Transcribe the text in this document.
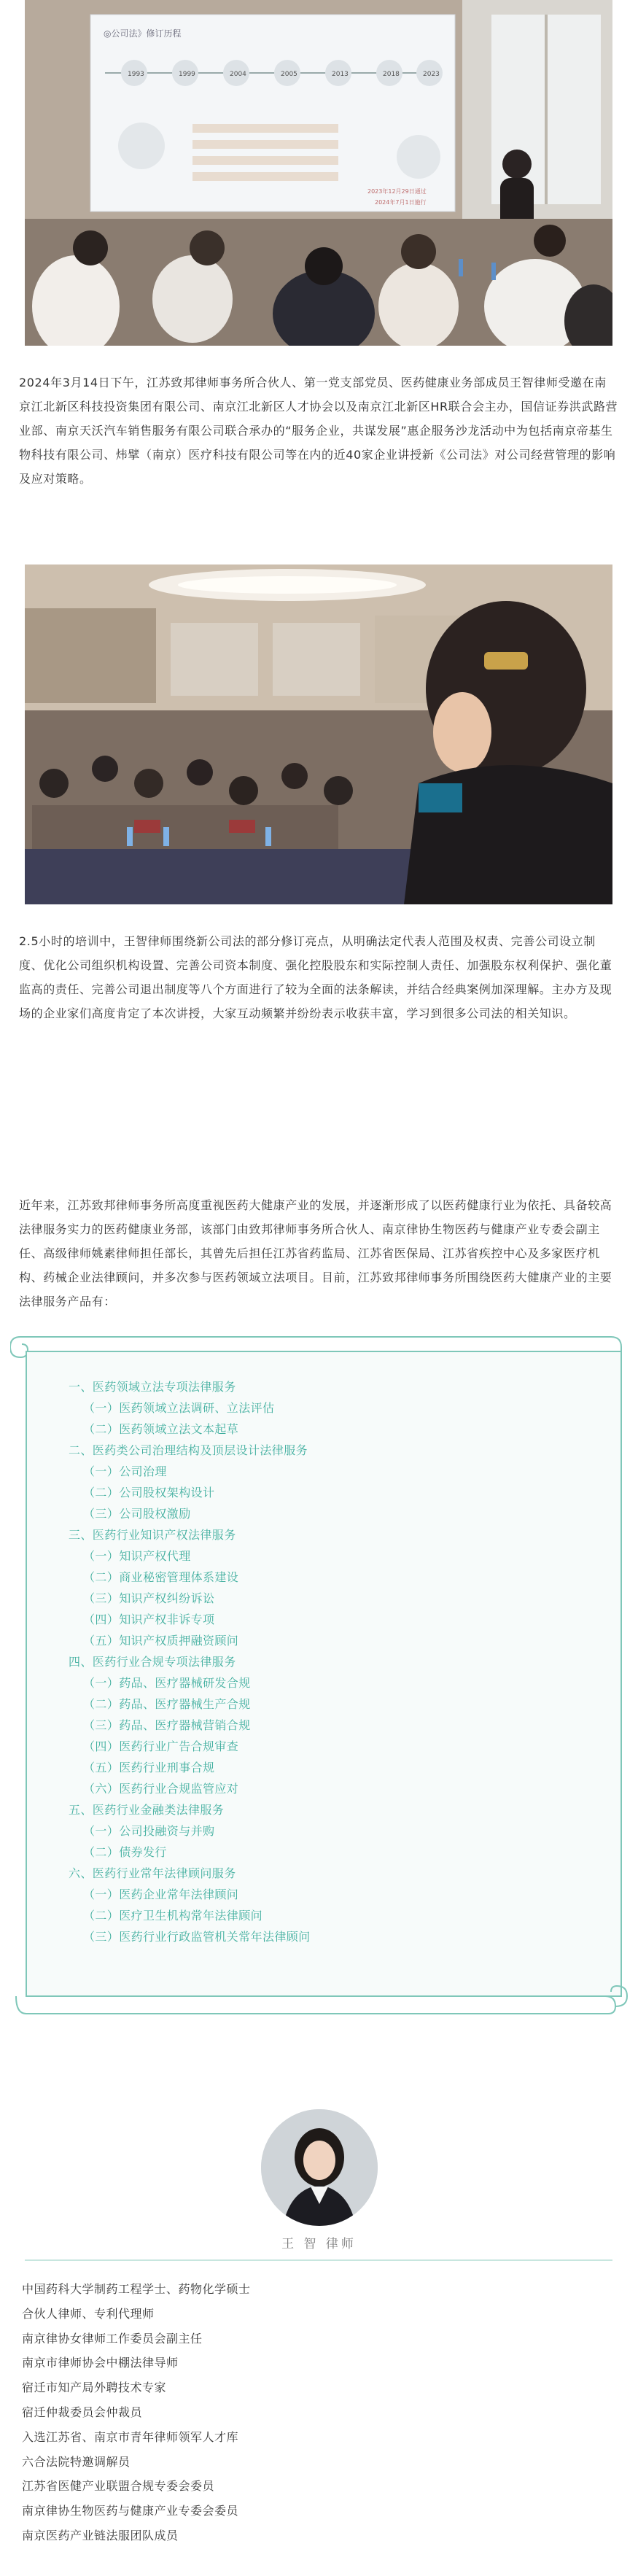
◎公司法》修订历程
1993	1999	2004	2005	2013	2018	2023
2023年12月29日通过
2024年7月1日施行

2024年3月14日下午，江苏致邦律师事务所合伙人、第一党支部党员、医药健康业务部成员王智律师受邀在南京江北新区科技投资集团有限公司、南京江北新区人才协会以及南京江北新区HR联合会主办，国信证券洪武路营业部、南京天沃汽车销售服务有限公司联合承办的“服务企业，共谋发展”惠企服务沙龙活动中为包括南京帝基生物科技有限公司、炜擘（南京）医疗科技有限公司等在内的近40家企业讲授新《公司法》对公司经营管理的影响及应对策略。

2.5小时的培训中，王智律师围绕新公司法的部分修订亮点，从明确法定代表人范围及权责、完善公司设立制度、优化公司组织机构设置、完善公司资本制度、强化控股股东和实际控制人责任、加强股东权利保护、强化董监高的责任、完善公司退出制度等八个方面进行了较为全面的法条解读，并结合经典案例加深理解。主办方及现场的企业家们高度肯定了本次讲授，大家互动频繁并纷纷表示收获丰富，学习到很多公司法的相关知识。

近年来，江苏致邦律师事务所高度重视医药大健康产业的发展，并逐渐形成了以医药健康行业为依托、具备较高法律服务实力的医药健康业务部，该部门由致邦律师事务所合伙人、南京律协生物医药与健康产业专委会副主任、高级律师姚素律师担任部长，其曾先后担任江苏省药监局、江苏省医保局、江苏省疾控中心及多家医疗机构、药械企业法律顾问，并多次参与医药领域立法项目。目前，江苏致邦律师事务所围绕医药大健康产业的主要法律服务产品有：

一、医药领域立法专项法律服务
（一）医药领域立法调研、立法评估
（二）医药领域立法文本起草
二、医药类公司治理结构及顶层设计法律服务
（一）公司治理
（二）公司股权架构设计
（三）公司股权激励
三、医药行业知识产权法律服务
（一）知识产权代理
（二）商业秘密管理体系建设
（三）知识产权纠纷诉讼
（四）知识产权非诉专项
（五）知识产权质押融资顾问
四、医药行业合规专项法律服务
（一）药品、医疗器械研发合规
（二）药品、医疗器械生产合规
（三）药品、医疗器械营销合规
（四）医药行业广告合规审查
（五）医药行业刑事合规
（六）医药行业合规监管应对
五、医药行业金融类法律服务
（一）公司投融资与并购
（二）债券发行
六、医药行业常年法律顾问服务
（一）医药企业常年法律顾问
（二）医疗卫生机构常年法律顾问
（三）医药行业行政监管机关常年法律顾问
王 智 律师
中国药科大学制药工程学士、药物化学硕士
合伙人律师、专利代理师
南京律协女律师工作委员会副主任
南京市律师协会中棚法律导师
宿迁市知产局外聘技术专家
宿迁仲裁委员会仲裁员
入选江苏省、南京市青年律师领军人才库
六合法院特邀调解员
江苏省医健产业联盟合规专委会委员
南京律协生物医药与健康产业专委会委员
南京医药产业链法服团队成员
